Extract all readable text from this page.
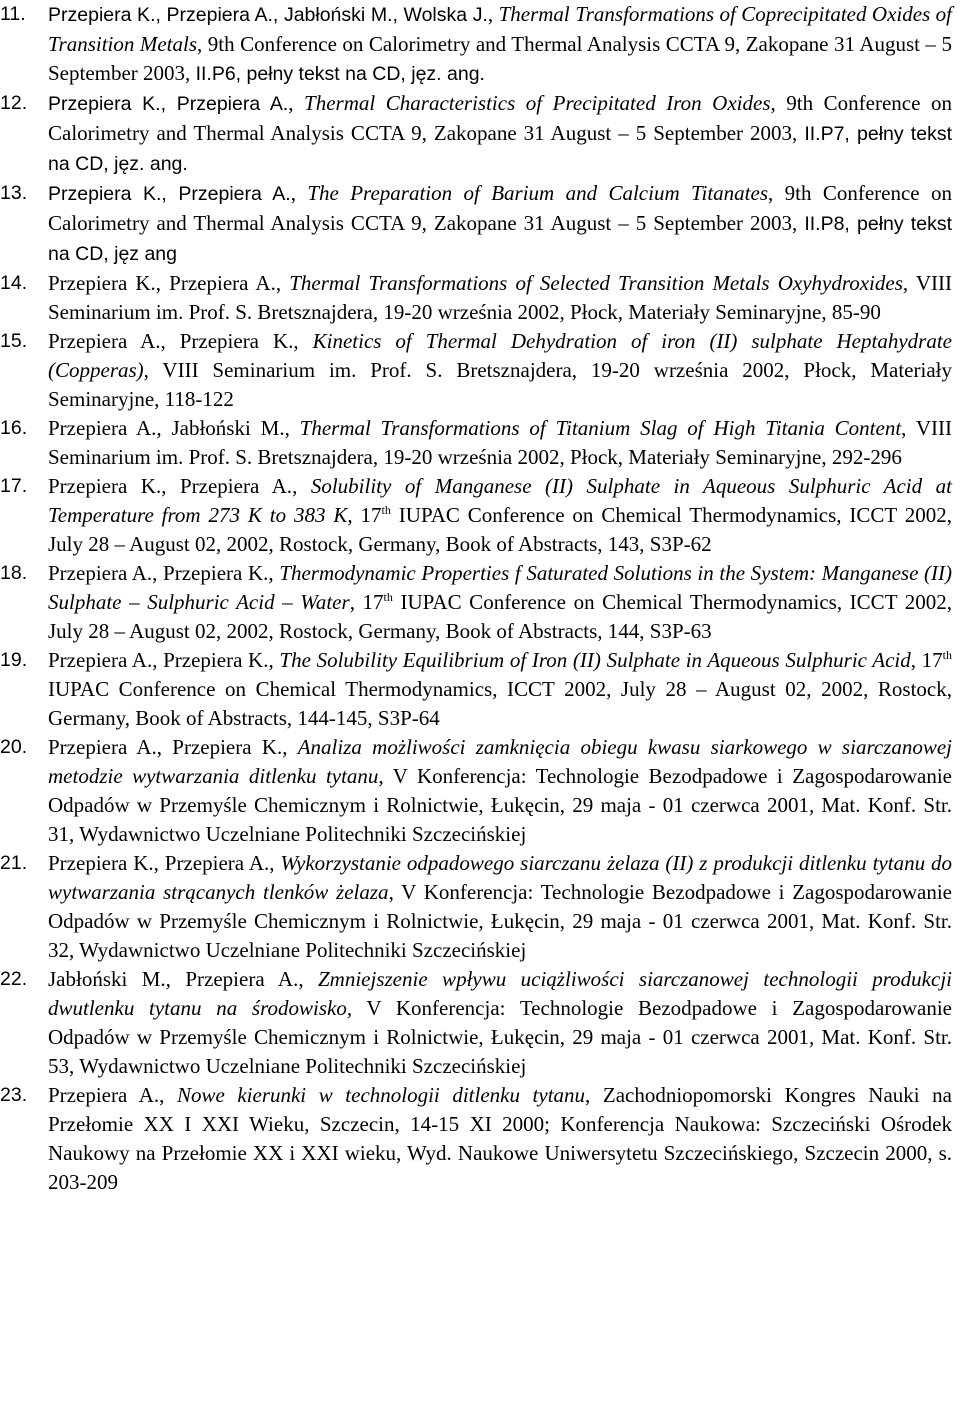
11. Przepiera K., Przepiera A., Jabłoński M., Wolska J., Thermal Transformations of Coprecipitated Oxides of Transition Metals, 9th Conference on Calorimetry and Thermal Analysis CCTA 9, Zakopane 31 August – 5 September 2003, II.P6, pełny tekst na CD, jęz. ang.
12. Przepiera K., Przepiera A., Thermal Characteristics of Precipitated Iron Oxides, 9th Conference on Calorimetry and Thermal Analysis CCTA 9, Zakopane 31 August – 5 September 2003, II.P7, pełny tekst na CD, jęz. ang.
13. Przepiera K., Przepiera A., The Preparation of Barium and Calcium Titanates, 9th Conference on Calorimetry and Thermal Analysis CCTA 9, Zakopane 31 August – 5 September 2003, II.P8, pełny tekst na CD, jęz ang
14. Przepiera K., Przepiera A., Thermal Transformations of Selected Transition Metals Oxyhydroxides, VIII Seminarium im. Prof. S. Bretsznajdera, 19-20 września 2002, Płock, Materiały Seminaryjne, 85-90
15. Przepiera A., Przepiera K., Kinetics of Thermal Dehydration of iron (II) sulphate Heptahydrate (Copperas), VIII Seminarium im. Prof. S. Bretsznajdera, 19-20 września 2002, Płock, Materiały Seminaryjne, 118-122
16. Przepiera A., Jabłoński M., Thermal Transformations of Titanium Slag of High Titania Content, VIII Seminarium im. Prof. S. Bretsznajdera, 19-20 września 2002, Płock, Materiały Seminaryjne, 292-296
17. Przepiera K., Przepiera A., Solubility of Manganese (II) Sulphate in Aqueous Sulphuric Acid at Temperature from 273 K to 383 K, 17th IUPAC Conference on Chemical Thermodynamics, ICCT 2002, July 28 – August 02, 2002, Rostock, Germany, Book of Abstracts, 143, S3P-62
18. Przepiera A., Przepiera K., Thermodynamic Properties f Saturated Solutions in the System: Manganese (II) Sulphate – Sulphuric Acid – Water, 17th IUPAC Conference on Chemical Thermodynamics, ICCT 2002, July 28 – August 02, 2002, Rostock, Germany, Book of Abstracts, 144, S3P-63
19. Przepiera A., Przepiera K., The Solubility Equilibrium of Iron (II) Sulphate in Aqueous Sulphuric Acid, 17th IUPAC Conference on Chemical Thermodynamics, ICCT 2002, July 28 – August 02, 2002, Rostock, Germany, Book of Abstracts, 144-145, S3P-64
20. Przepiera A., Przepiera K., Analiza możliwości zamknięcia obiegu kwasu siarkowego w siarczanowej metodzie wytwarzania ditlenku tytanu, V Konferencja: Technologie Bezodpadowe i Zagospodarowanie Odpadów w Przemyśle Chemicznym i Rolnictwie, Łukęcin, 29 maja - 01 czerwca 2001, Mat. Konf. Str. 31, Wydawnictwo Uczelniane Politechniki Szczecińskiej
21. Przepiera K., Przepiera A., Wykorzystanie odpadowego siarczanu żelaza (II) z produkcji ditlenku tytanu do wytwarzania strącanych tlenków żelaza, V Konferencja: Technologie Bezodpadowe i Zagospodarowanie Odpadów w Przemyśle Chemicznym i Rolnictwie, Łukęcin, 29 maja - 01 czerwca 2001, Mat. Konf. Str. 32, Wydawnictwo Uczelniane Politechniki Szczecińskiej
22. Jabłoński M., Przepiera A., Zmniejszenie wpływu uciążliwości siarczanowej technologii produkcji dwutlenku tytanu na środowisko, V Konferencja: Technologie Bezodpadowe i Zagospodarowanie Odpadów w Przemyśle Chemicznym i Rolnictwie, Łukęcin, 29 maja - 01 czerwca 2001, Mat. Konf. Str. 53, Wydawnictwo Uczelniane Politechniki Szczecińskiej
23. Przepiera A., Nowe kierunki w technologii ditlenku tytanu, Zachodniopomorski Kongres Nauki na Przełomie XX I XXI Wieku, Szczecin, 14-15 XI 2000; Konferencja Naukowa: Szczeciński Ośrodek Naukowy na Przełomie XX i XXI wieku, Wyd. Naukowe Uniwersytetu Szczecińskiego, Szczecin 2000, s. 203-209
